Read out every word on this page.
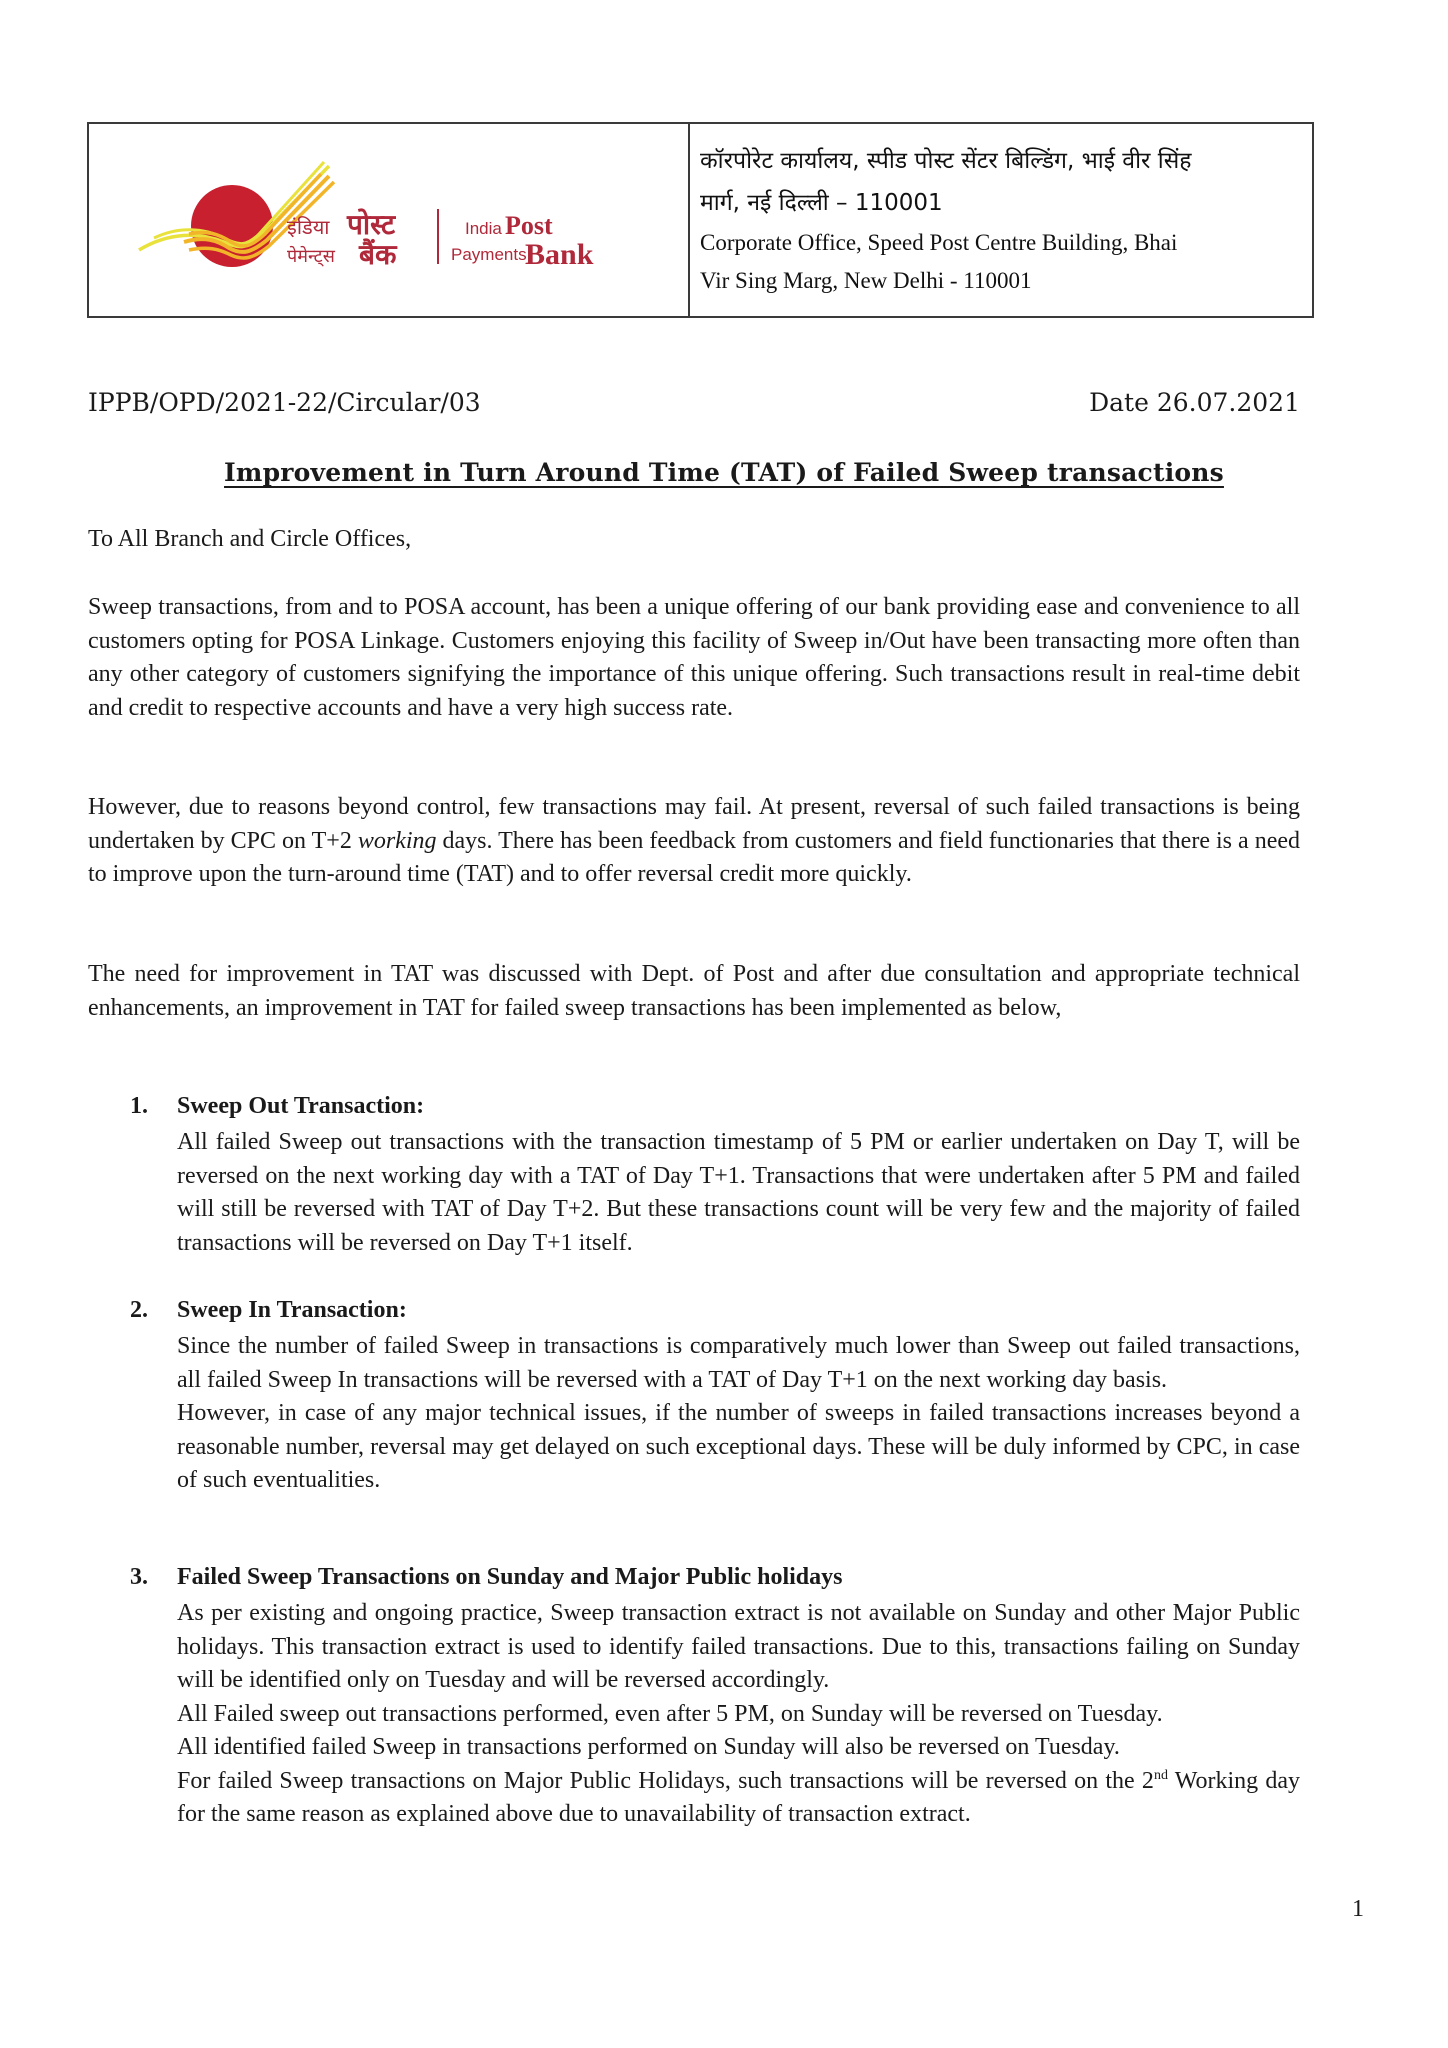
इंडिया पोस्ट
पेमेन्ट्स बैंक
India Post
Payments
Bank
कॉरपोरेट कार्यालय, स्पीड पोस्ट सेंटर बिल्डिंग, भाई वीर सिंह
मार्ग, नई दिल्ली – 110001
Corporate Office, Speed Post Centre Building, Bhai
Vir Sing Marg, New Delhi - 110001
IPPB/OPD/2021-22/Circular/03	Date 26.07.2021
Improvement in Turn Around Time (TAT) of Failed Sweep transactions
To All Branch and Circle Offices,

Sweep transactions, from and to POSA account, has been a unique offering of our bank providing ease and convenience to all customers opting for POSA Linkage. Customers enjoying this facility of Sweep in/Out have been transacting more often than any other category of customers signifying the importance of this unique offering. Such transactions result in real-time debit and credit to respective accounts and have a very high success rate.

However, due to reasons beyond control, few transactions may fail. At present, reversal of such failed transactions is being undertaken by CPC on T+2 working days. There has been feedback from customers and field functionaries that there is a need to improve upon the turn-around time (TAT) and to offer reversal credit more quickly.

The need for improvement in TAT was discussed with Dept. of Post and after due consultation and appropriate technical enhancements, an improvement in TAT for failed sweep transactions has been implemented as below,

1. Sweep Out Transaction:

All failed Sweep out transactions with the transaction timestamp of 5 PM or earlier undertaken on Day T, will be reversed on the next working day with a TAT of Day T+1. Transactions that were undertaken after 5 PM and failed will still be reversed with TAT of Day T+2. But these transactions count will be very few and the majority of failed transactions will be reversed on Day T+1 itself.

2. Sweep In Transaction:

Since the number of failed Sweep in transactions is comparatively much lower than Sweep out failed transactions, all failed Sweep In transactions will be reversed with a TAT of Day T+1 on the next working day basis.

However, in case of any major technical issues, if the number of sweeps in failed transactions increases beyond a reasonable number, reversal may get delayed on such exceptional days. These will be duly informed by CPC, in case of such eventualities.

3. Failed Sweep Transactions on Sunday and Major Public holidays

As per existing and ongoing practice, Sweep transaction extract is not available on Sunday and other Major Public holidays. This transaction extract is used to identify failed transactions. Due to this, transactions failing on Sunday will be identified only on Tuesday and will be reversed accordingly.

All Failed sweep out transactions performed, even after 5 PM, on Sunday will be reversed on Tuesday.

All identified failed Sweep in transactions performed on Sunday will also be reversed on Tuesday.

For failed Sweep transactions on Major Public Holidays, such transactions will be reversed on the 2nd Working day for the same reason as explained above due to unavailability of transaction extract.

1
